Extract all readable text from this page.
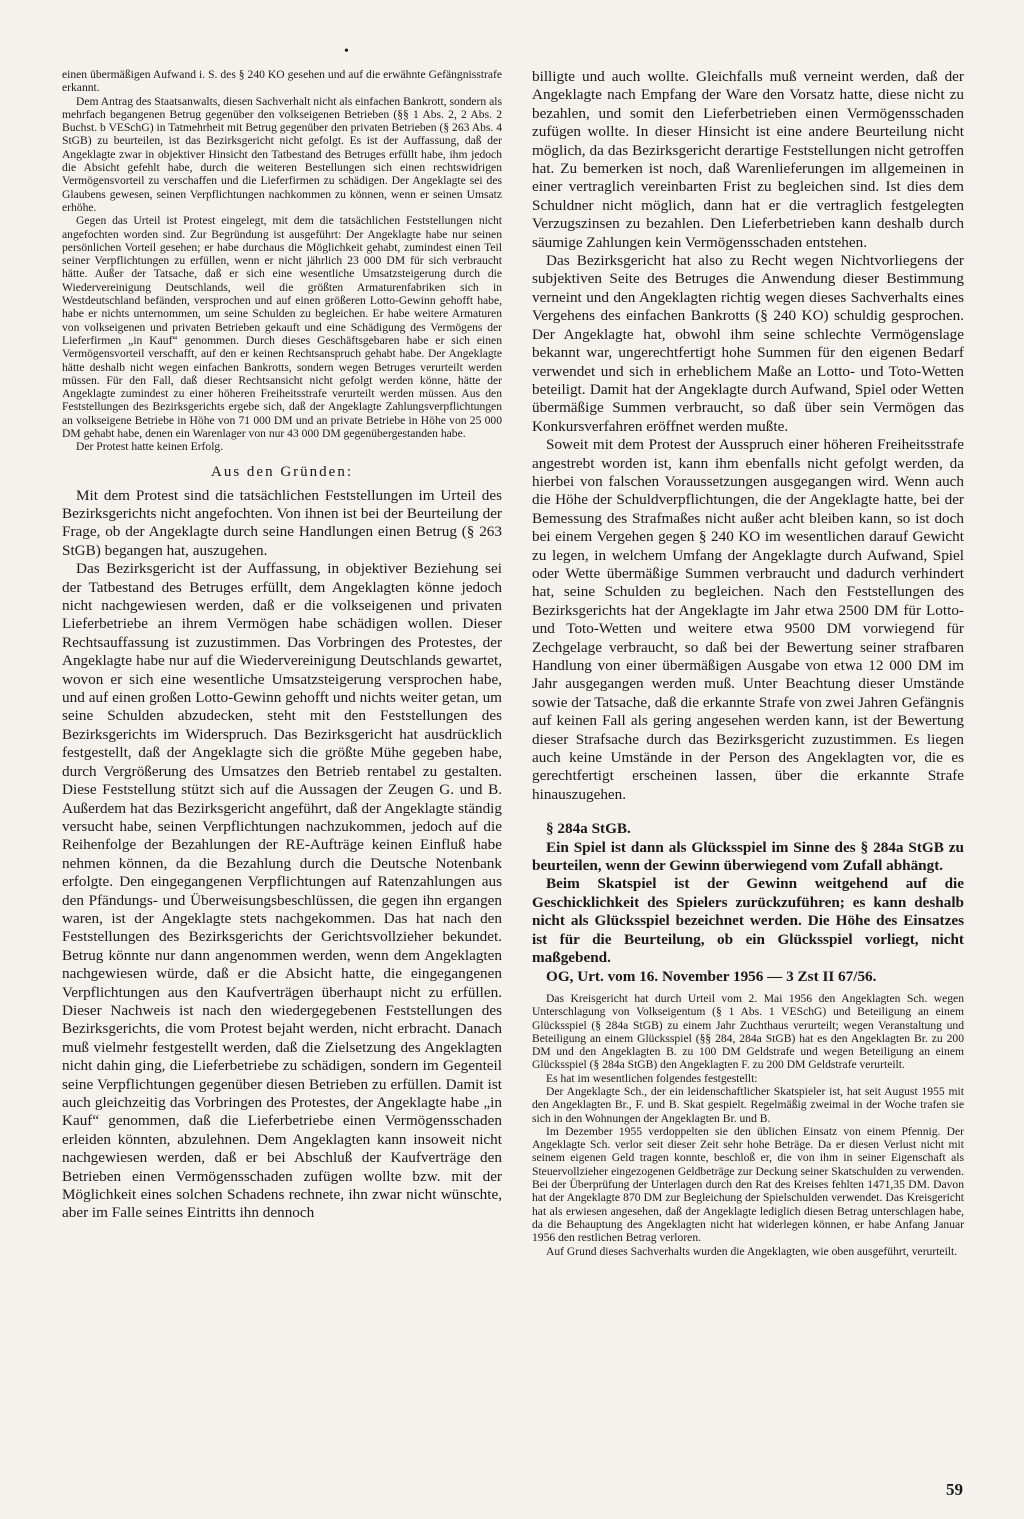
•

einen übermäßigen Aufwand i. S. des § 240 KO gesehen und auf die erwähnte Gefängnisstrafe erkannt.

Dem Antrag des Staatsanwalts, diesen Sachverhalt nicht als einfachen Bankrott, sondern als mehrfach begangenen Betrug gegenüber den volkseigenen Betrieben (§§ 1 Abs. 2, 2 Abs. 2 Buchst. b VESchG) in Tatmehrheit mit Betrug gegenüber den privaten Betrieben (§ 263 Abs. 4 StGB) zu beurteilen, ist das Bezirksgericht nicht gefolgt. Es ist der Auffassung, daß der Angeklagte zwar in objektiver Hinsicht den Tatbestand des Betruges erfüllt habe, ihm jedoch die Absicht gefehlt habe, durch die weiteren Bestellungen sich einen rechtswidrigen Vermögensvorteil zu verschaffen und die Lieferfirmen zu schädigen. Der Angeklagte sei des Glaubens gewesen, seinen Verpflichtungen nachkommen zu können, wenn er seinen Umsatz erhöhe.

Gegen das Urteil ist Protest eingelegt, mit dem die tatsächlichen Feststellungen nicht angefochten worden sind. Zur Begründung ist ausgeführt: Der Angeklagte habe nur seinen persönlichen Vorteil gesehen; er habe durchaus die Möglichkeit gehabt, zumindest einen Teil seiner Verpflichtungen zu erfüllen, wenn er nicht jährlich 23 000 DM für sich verbraucht hätte. Außer der Tatsache, daß er sich eine wesentliche Umsatzsteigerung durch die Wiedervereinigung Deutschlands, weil die größten Armaturenfabriken sich in Westdeutschland befänden, versprochen und auf einen größeren Lotto-Gewinn gehofft habe, habe er nichts unternommen, um seine Schulden zu begleichen. Er habe weitere Armaturen von volkseigenen und privaten Betrieben gekauft und eine Schädigung des Vermögens der Lieferfirmen „in Kauf“ genommen. Durch dieses Geschäftsgebaren habe er sich einen Vermögensvorteil verschafft, auf den er keinen Rechtsanspruch gehabt habe. Der Angeklagte hätte deshalb nicht wegen einfachen Bankrotts, sondern wegen Betruges verurteilt werden müssen. Für den Fall, daß dieser Rechtsansicht nicht gefolgt werden könne, hätte der Angeklagte zumindest zu einer höheren Freiheitsstrafe verurteilt werden müssen. Aus den Feststellungen des Bezirksgerichts ergebe sich, daß der Angeklagte Zahlungsverpflichtungen an volkseigene Betriebe in Höhe von 71 000 DM und an private Betriebe in Höhe von 25 000 DM gehabt habe, denen ein Warenlager von nur 43 000 DM gegenübergestanden habe.

Der Protest hatte keinen Erfolg.

Aus den Gründen:

Mit dem Protest sind die tatsächlichen Feststellungen im Urteil des Bezirksgerichts nicht angefochten. Von ihnen ist bei der Beurteilung der Frage, ob der Angeklagte durch seine Handlungen einen Betrug (§ 263 StGB) begangen hat, auszugehen.

Das Bezirksgericht ist der Auffassung, in objektiver Beziehung sei der Tatbestand des Betruges erfüllt, dem Angeklagten könne jedoch nicht nachgewiesen werden, daß er die volkseigenen und privaten Lieferbetriebe an ihrem Vermögen habe schädigen wollen. Dieser Rechtsauffassung ist zuzustimmen. Das Vorbringen des Protestes, der Angeklagte habe nur auf die Wiedervereinigung Deutschlands gewartet, wovon er sich eine wesentliche Umsatzsteigerung versprochen habe, und auf einen großen Lotto-Gewinn gehofft und nichts weiter getan, um seine Schulden abzudecken, steht mit den Feststellungen des Bezirksgerichts im Widerspruch. Das Bezirksgericht hat ausdrücklich festgestellt, daß der Angeklagte sich die größte Mühe gegeben habe, durch Vergrößerung des Umsatzes den Betrieb rentabel zu gestalten. Diese Feststellung stützt sich auf die Aussagen der Zeugen G. und B. Außerdem hat das Bezirksgericht angeführt, daß der Angeklagte ständig versucht habe, seinen Verpflichtungen nachzukommen, jedoch auf die Reihenfolge der Bezahlungen der RE-Aufträge keinen Einfluß habe nehmen können, da die Bezahlung durch die Deutsche Notenbank erfolgte. Den eingegangenen Verpflichtungen auf Ratenzahlungen aus den Pfändungs- und Überweisungsbeschlüssen, die gegen ihn ergangen waren, ist der Angeklagte stets nachgekommen. Das hat nach den Feststellungen des Bezirksgerichts der Gerichtsvollzieher bekundet. Betrug könnte nur dann angenommen werden, wenn dem Angeklagten nachgewiesen würde, daß er die Absicht hatte, die eingegangenen Verpflichtungen aus den Kaufverträgen überhaupt nicht zu erfüllen. Dieser Nachweis ist nach den wiedergegebenen Feststellungen des Bezirksgerichts, die vom Protest bejaht werden, nicht erbracht. Danach muß vielmehr festgestellt werden, daß die Zielsetzung des Angeklagten nicht dahin ging, die Lieferbetriebe zu schädigen, sondern im Gegenteil seine Verpflichtungen gegenüber diesen Betrieben zu erfüllen. Damit ist auch gleichzeitig das Vorbringen des Protestes, der Angeklagte habe „in Kauf“ genommen, daß die Lieferbetriebe einen Vermögensschaden erleiden könnten, abzulehnen. Dem Angeklagten kann insoweit nicht nachgewiesen werden, daß er bei Abschluß der Kaufverträge den Betrieben einen Vermögensschaden zufügen wollte bzw. mit der Möglichkeit eines solchen Schadens rechnete, ihn zwar nicht wünschte, aber im Falle seines Eintritts ihn dennoch

billigte und auch wollte. Gleichfalls muß verneint werden, daß der Angeklagte nach Empfang der Ware den Vorsatz hatte, diese nicht zu bezahlen, und somit den Lieferbetrieben einen Vermögensschaden zufügen wollte. In dieser Hinsicht ist eine andere Beurteilung nicht möglich, da das Bezirksgericht derartige Feststellungen nicht getroffen hat. Zu bemerken ist noch, daß Warenlieferungen im allgemeinen in einer vertraglich vereinbarten Frist zu begleichen sind. Ist dies dem Schuldner nicht möglich, dann hat er die vertraglich festgelegten Verzugszinsen zu bezahlen. Den Lieferbetrieben kann deshalb durch säumige Zahlungen kein Vermögensschaden entstehen.

Das Bezirksgericht hat also zu Recht wegen Nichtvorliegens der subjektiven Seite des Betruges die Anwendung dieser Bestimmung verneint und den Angeklagten richtig wegen dieses Sachverhalts eines Vergehens des einfachen Bankrotts (§ 240 KO) schuldig gesprochen. Der Angeklagte hat, obwohl ihm seine schlechte Vermögenslage bekannt war, ungerechtfertigt hohe Summen für den eigenen Bedarf verwendet und sich in erheblichem Maße an Lotto- und Toto-Wetten beteiligt. Damit hat der Angeklagte durch Aufwand, Spiel oder Wetten übermäßige Summen verbraucht, so daß über sein Vermögen das Konkursverfahren eröffnet werden mußte.

Soweit mit dem Protest der Ausspruch einer höheren Freiheitsstrafe angestrebt worden ist, kann ihm ebenfalls nicht gefolgt werden, da hierbei von falschen Voraussetzungen ausgegangen wird. Wenn auch die Höhe der Schuldverpflichtungen, die der Angeklagte hatte, bei der Bemessung des Strafmaßes nicht außer acht bleiben kann, so ist doch bei einem Vergehen gegen § 240 KO im wesentlichen darauf Gewicht zu legen, in welchem Umfang der Angeklagte durch Aufwand, Spiel oder Wette übermäßige Summen verbraucht und dadurch verhindert hat, seine Schulden zu begleichen. Nach den Feststellungen des Bezirksgerichts hat der Angeklagte im Jahr etwa 2500 DM für Lotto- und Toto-Wetten und weitere etwa 9500 DM vorwiegend für Zechgelage verbraucht, so daß bei der Bewertung seiner strafbaren Handlung von einer übermäßigen Ausgabe von etwa 12 000 DM im Jahr ausgegangen werden muß. Unter Beachtung dieser Umstände sowie der Tatsache, daß die erkannte Strafe von zwei Jahren Gefängnis auf keinen Fall als gering angesehen werden kann, ist der Bewertung dieser Strafsache durch das Bezirksgericht zuzustimmen. Es liegen auch keine Umstände in der Person des Angeklagten vor, die es gerechtfertigt erscheinen lassen, über die erkannte Strafe hinauszugehen.

§ 284a StGB.

Ein Spiel ist dann als Glücksspiel im Sinne des § 284a StGB zu beurteilen, wenn der Gewinn überwiegend vom Zufall abhängt.

Beim Skatspiel ist der Gewinn weitgehend auf die Geschicklichkeit des Spielers zurückzuführen; es kann deshalb nicht als Glücksspiel bezeichnet werden. Die Höhe des Einsatzes ist für die Beurteilung, ob ein Glücksspiel vorliegt, nicht maßgebend.

OG, Urt. vom 16. November 1956 — 3 Zst II 67/56.

Das Kreisgericht hat durch Urteil vom 2. Mai 1956 den Angeklagten Sch. wegen Unterschlagung von Volkseigentum (§ 1 Abs. 1 VESchG) und Beteiligung an einem Glücksspiel (§ 284a StGB) zu einem Jahr Zuchthaus verurteilt; wegen Veranstaltung und Beteiligung an einem Glücksspiel (§§ 284, 284a StGB) hat es den Angeklagten Br. zu 200 DM und den Angeklagten B. zu 100 DM Geldstrafe und wegen Beteiligung an einem Glücksspiel (§ 284a StGB) den Angeklagten F. zu 200 DM Geldstrafe verurteilt.

Es hat im wesentlichen folgendes festgestellt:

Der Angeklagte Sch., der ein leidenschaftlicher Skatspieler ist, hat seit August 1955 mit den Angeklagten Br., F. und B. Skat gespielt. Regelmäßig zweimal in der Woche trafen sie sich in den Wohnungen der Angeklagten Br. und B.

Im Dezember 1955 verdoppelten sie den üblichen Einsatz von einem Pfennig. Der Angeklagte Sch. verlor seit dieser Zeit sehr hohe Beträge. Da er diesen Verlust nicht mit seinem eigenen Geld tragen konnte, beschloß er, die von ihm in seiner Eigenschaft als Steuervollzieher eingezogenen Geldbeträge zur Deckung seiner Skatschulden zu verwenden. Bei der Überprüfung der Unterlagen durch den Rat des Kreises fehlten 1471,35 DM. Davon hat der Angeklagte 870 DM zur Begleichung der Spielschulden verwendet. Das Kreisgericht hat als erwiesen angesehen, daß der Angeklagte lediglich diesen Betrag unterschlagen habe, da die Behauptung des Angeklagten nicht hat widerlegen können, er habe Anfang Januar 1956 den restlichen Betrag verloren.

Auf Grund dieses Sachverhalts wurden die Angeklagten, wie oben ausgeführt, verurteilt.

59
